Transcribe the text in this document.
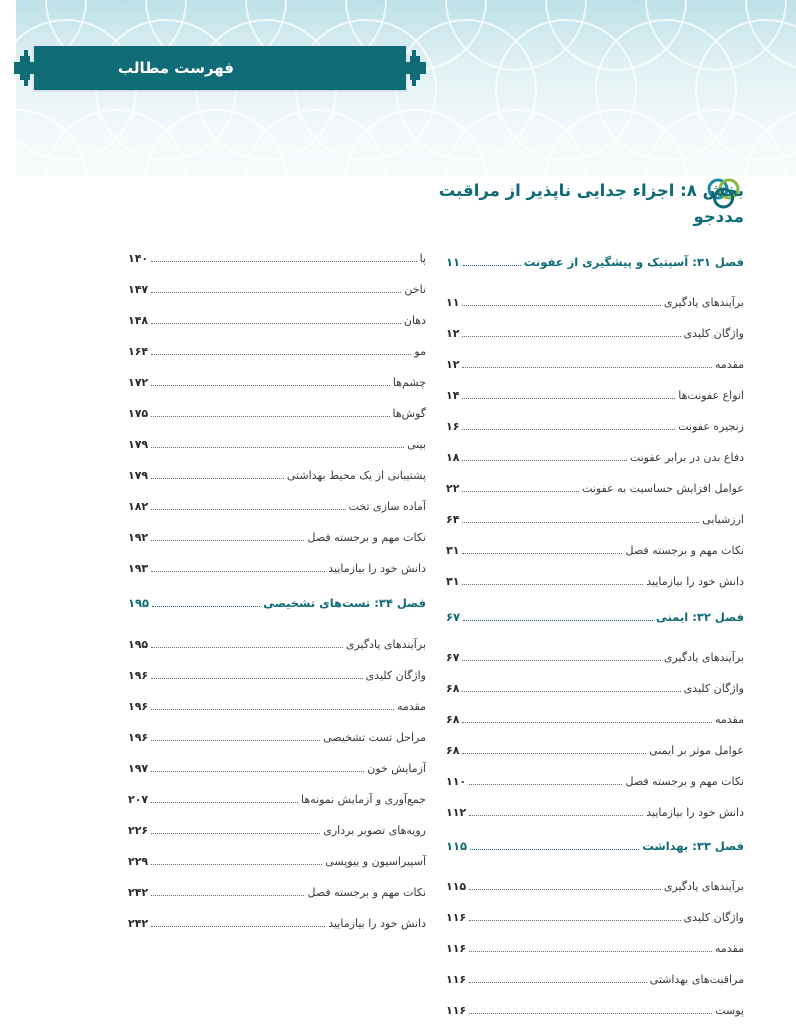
فهرست مطالب
بخش ۸: اجزاء جدایی ناپذیر از مراقبت مددجو
فصل ۳۱: آسپتیک و پیشگیری از عفونت
۱۱
برآیندهای یادگیری
۱۱
واژگان کلیدی
۱۲
مقدمه
۱۲
انواع عفونت‌ها
۱۴
زنجیره عفونت
۱۶
دفاع بدن در برابر عفونت
۱۸
عوامل افزایش حساسیت به عفونت
۲۲
ارزشیابی
۶۴
نکات مهم و برجسته فصل
۳۱
دانش خود را بیازمایید
۳۱
فصل ۳۲: ایمنی
۶۷
برآیندهای یادگیری
۶۷
واژگان کلیدی
۶۸
مقدمه
۶۸
عوامل موثر بر ایمنی
۶۸
نکات مهم و برجسته فصل
۱۱۰
دانش خود را بیازمایید
۱۱۲
فصل ۳۳: بهداشت
۱۱۵
برآیندهای یادگیری
۱۱۵
واژگان کلیدی
۱۱۶
مقدمه
۱۱۶
مراقبت‌های بهداشتی
۱۱۶
پوست
۱۱۶
پا
۱۴۰
ناخن
۱۴۷
دهان
۱۴۸
مو
۱۶۴
چشم‌ها
۱۷۲
گوش‌ها
۱۷۵
بینی
۱۷۹
پشتیبانی از یک محیط بهداشتی
۱۷۹
آماده سازی تخت
۱۸۲
نکات مهم و برجسته فصل
۱۹۲
دانش خود را بیازمایید
۱۹۳
فصل ۳۴: تست‌های تشخیصی
۱۹۵
برآیندهای یادگیری
۱۹۵
واژگان کلیدی
۱۹۶
مقدمه
۱۹۶
مراحل تست تشخیصی
۱۹۶
آزمایش خون
۱۹۷
جمع‌آوری و آزمایش نمونه‌ها
۲۰۷
رویه‌های تصویر برداری
۲۲۶
آسپیراسیون و بیوپسی
۲۲۹
نکات مهم و برجسته فصل
۲۴۲
دانش خود را بیازمایید
۲۴۲
